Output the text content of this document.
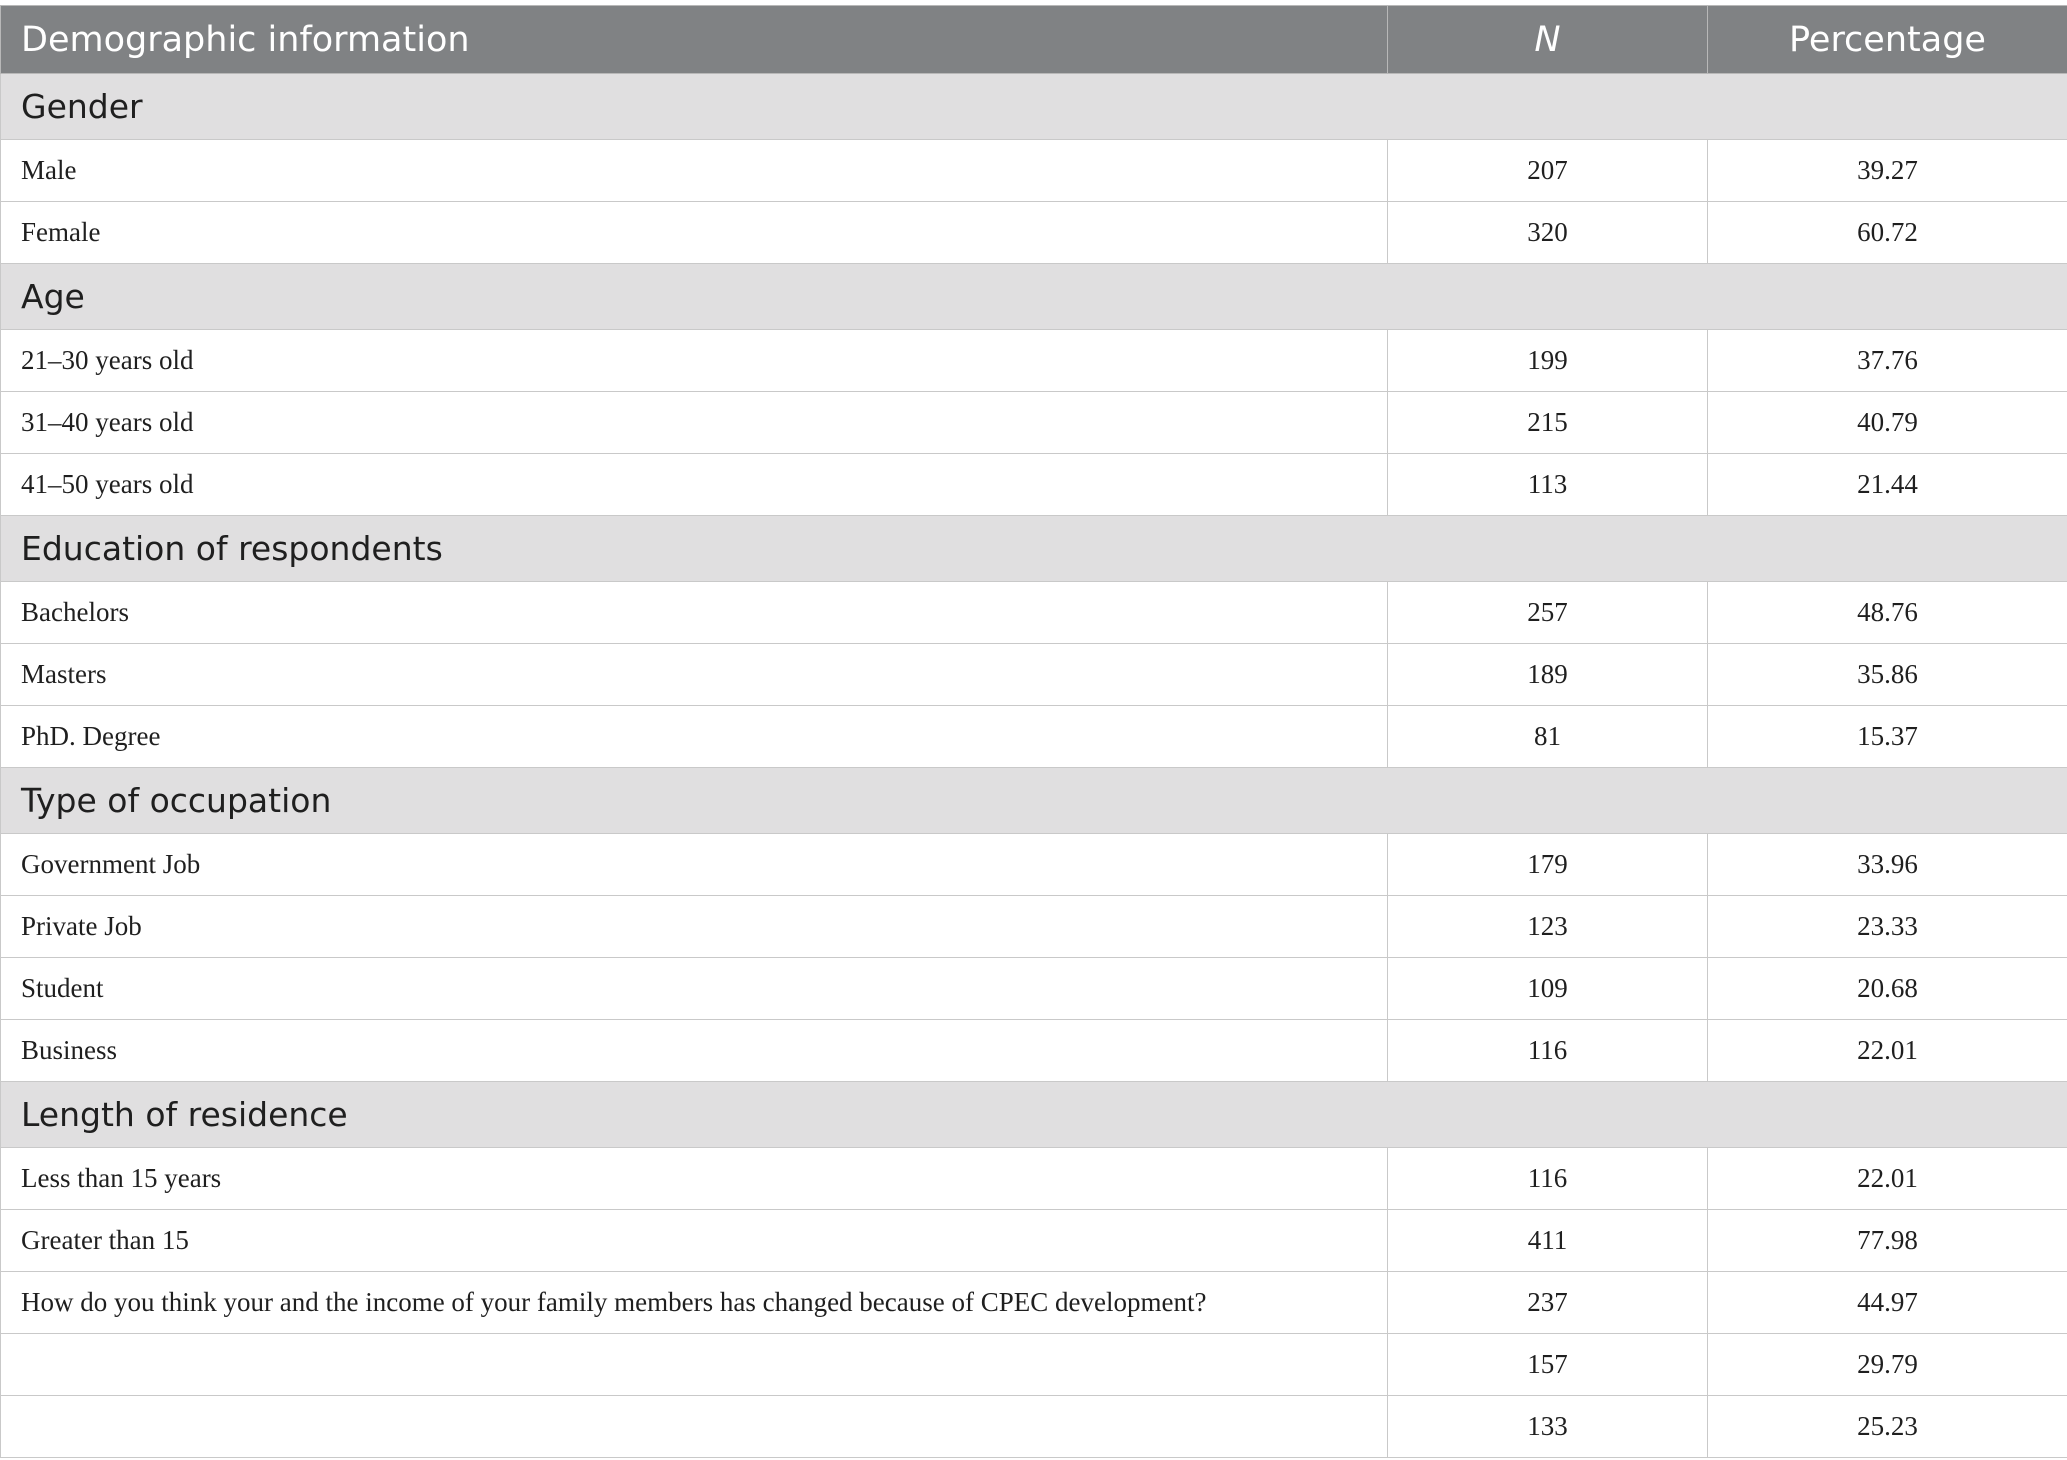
Demographic information	N	Percentage
Gender		
Male	207	39.27
Female	320	60.72
Age		
21–30 years old	199	37.76
31–40 years old	215	40.79
41–50 years old	113	21.44
Education of respondents		
Bachelors	257	48.76
Masters	189	35.86
PhD. Degree	81	15.37
Type of occupation		
Government Job	179	33.96
Private Job	123	23.33
Student	109	20.68
Business	116	22.01
Length of residence		
Less than 15 years	116	22.01
Greater than 15	411	77.98
How do you think your and the income of your family members has changed because of CPEC development?	237	44.97
	157	29.79
	133	25.23
